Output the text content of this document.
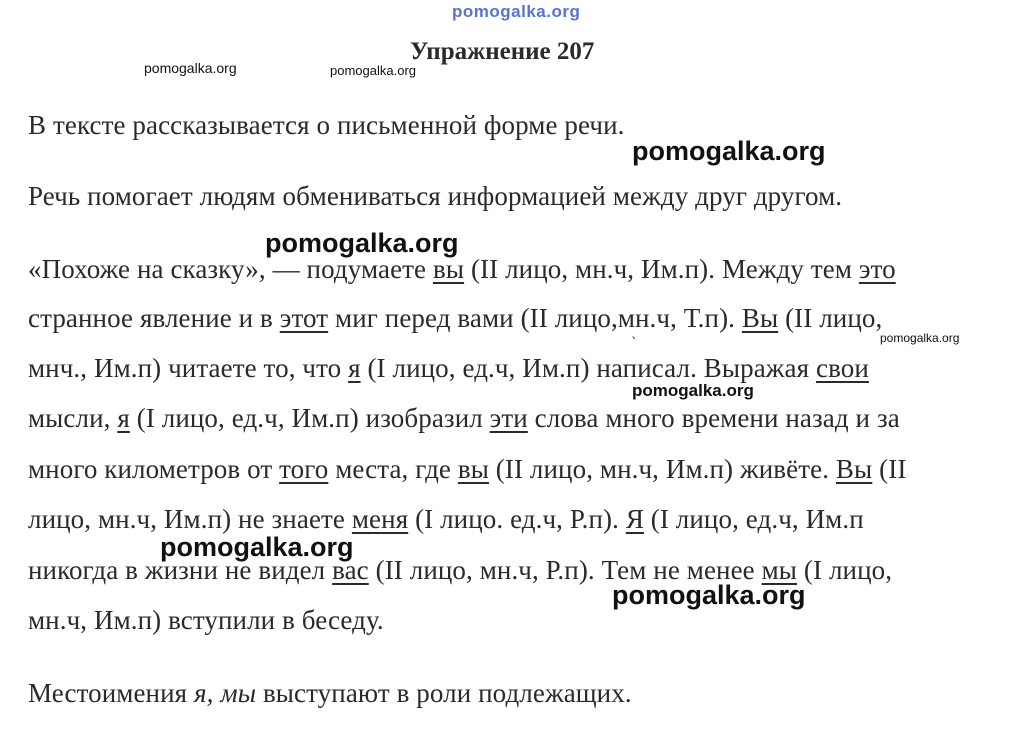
pomogalka.org
pomogalka.org	pomogalka.org
pomogalka.org
pomogalka.org
pomogalka.org
pomogalka.org
pomogalka.org
pomogalka.org
Упражнение 207
В тексте рассказывается о письменной форме речи.
Речь помогает людям обмениваться информацией между друг другом.
«Похоже на сказку», — подумаете вы (II лицо, мн.ч, Им.п). Между тем это
странное явление и в этот миг перед вами (II лицо,мн.ч, Т.п). Вы (II лицо,
`
мнч., Им.п) читаете то, что я (I лицо, ед.ч, Им.п) написал. Выражая свои
мысли, я (I лицо, ед.ч, Им.п) изобразил эти слова много времени назад и за
много километров от того места, где вы (II лицо, мн.ч, Им.п) живёте. Вы (II
лицо, мн.ч, Им.п) не знаете меня (I лицо. ед.ч, Р.п). Я (I лицо, ед.ч, Им.п
никогда в жизни не видел вас (II лицо, мн.ч, Р.п). Тем не менее мы (I лицо,
мн.ч, Им.п) вступили в беседу.
Местоимения я, мы выступают в роли подлежащих.
